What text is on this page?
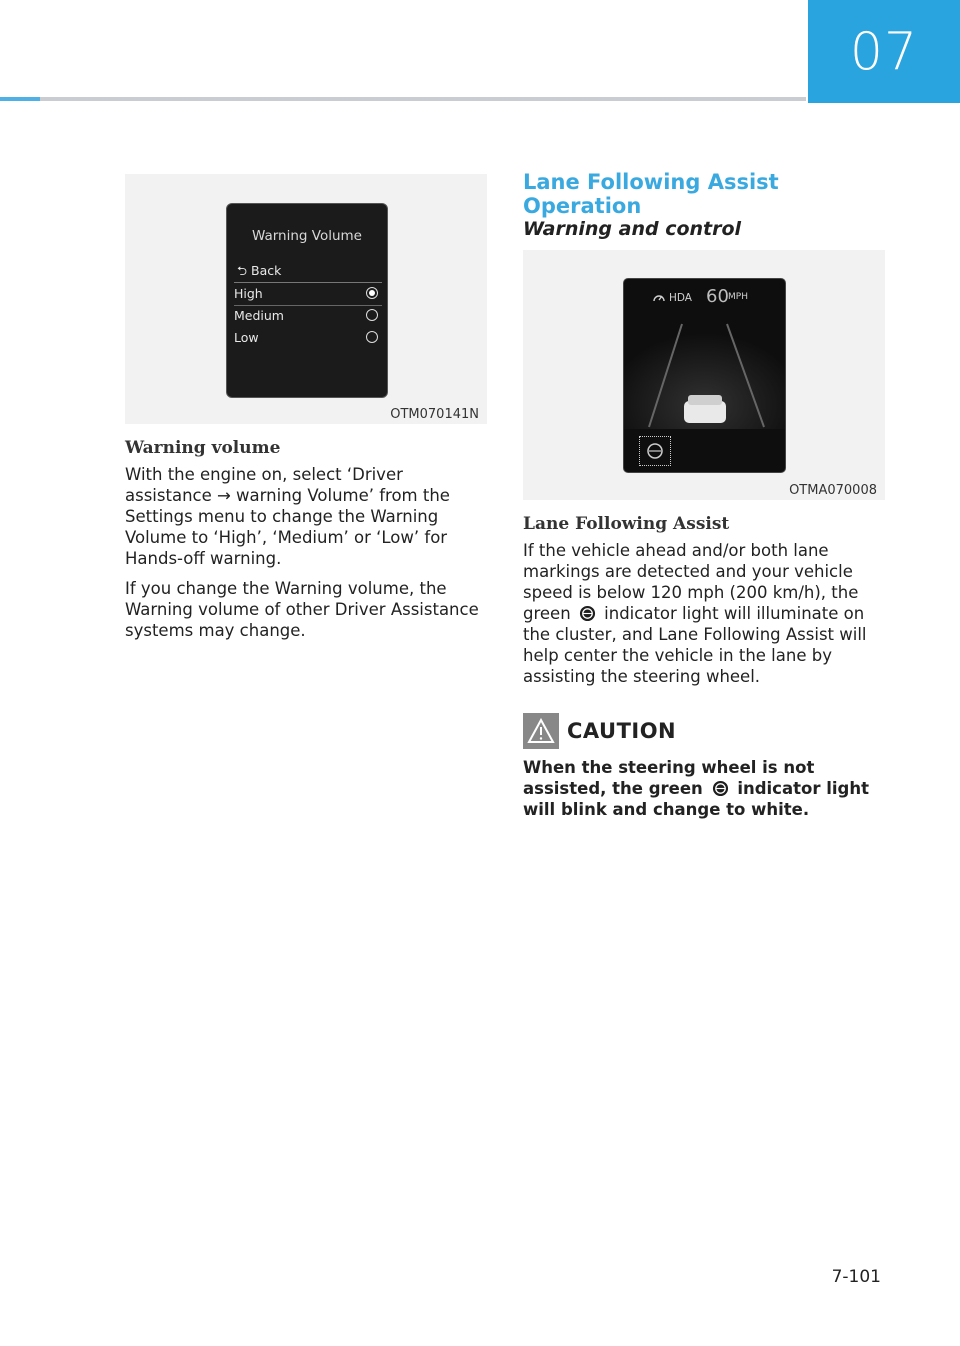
07
Warning Volume
⮌ Back
High
Medium
Low
OTM070141N
Warning volume

With the engine on, select ‘Driver assistance → warning Volume’ from the Settings menu to change the Warning Volume to ‘High’, ‘Medium’ or ‘Low’ for Hands-off warning.

If you change the Warning volume, the Warning volume of other Driver Assistance systems may change.

Lane Following Assist Operation
Warning and control
HDA 60 MPH
OTMA070008
Lane Following Assist

If the vehicle ahead and/or both lane markings are detected and your vehicle speed is below 120 mph (200 km/h), the green indicator light will illuminate on the cluster, and Lane Following Assist will help center the vehicle in the lane by assisting the steering wheel.

CAUTION

When the steering wheel is not assisted, the green indicator light will blink and change to white.

7-101
